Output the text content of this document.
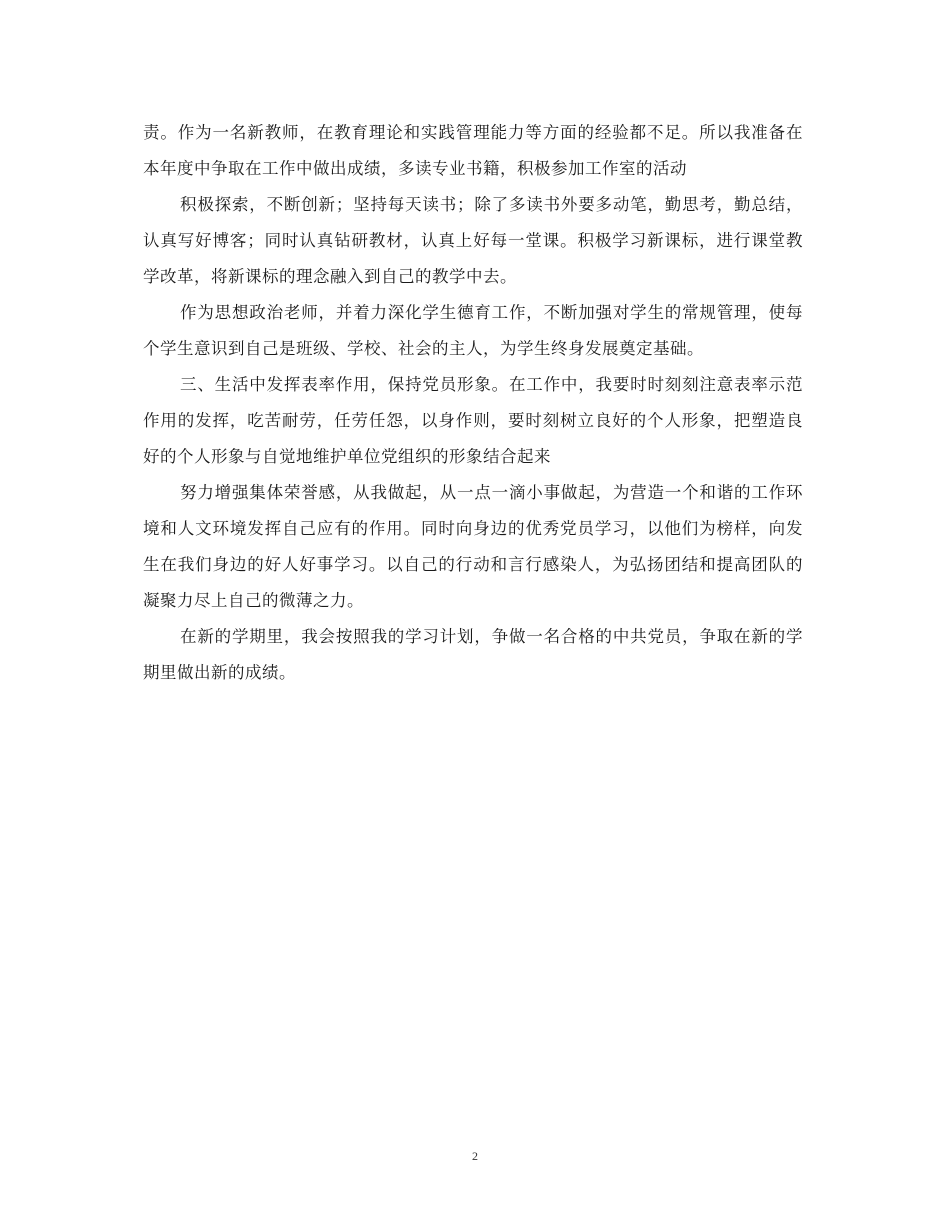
责。作为一名新教师，在教育理论和实践管理能力等方面的经验都不足。所以我准备在本年度中争取在工作中做出成绩，多读专业书籍，积极参加工作室的活动

积极探索，不断创新；坚持每天读书；除了多读书外要多动笔，勤思考，勤总结，认真写好博客；同时认真钻研教材，认真上好每一堂课。积极学习新课标，进行课堂教学改革，将新课标的理念融入到自己的教学中去。

作为思想政治老师，并着力深化学生德育工作，不断加强对学生的常规管理，使每个学生意识到自己是班级、学校、社会的主人，为学生终身发展奠定基础。

三、生活中发挥表率作用，保持党员形象。在工作中，我要时时刻刻注意表率示范作用的发挥，吃苦耐劳，任劳任怨，以身作则，要时刻树立良好的个人形象，把塑造良好的个人形象与自觉地维护单位党组织的形象结合起来

努力增强集体荣誉感，从我做起，从一点一滴小事做起，为营造一个和谐的工作环境和人文环境发挥自己应有的作用。同时向身边的优秀党员学习，以他们为榜样，向发生在我们身边的好人好事学习。以自己的行动和言行感染人，为弘扬团结和提高团队的凝聚力尽上自己的微薄之力。

在新的学期里，我会按照我的学习计划，争做一名合格的中共党员，争取在新的学期里做出新的成绩。

2
